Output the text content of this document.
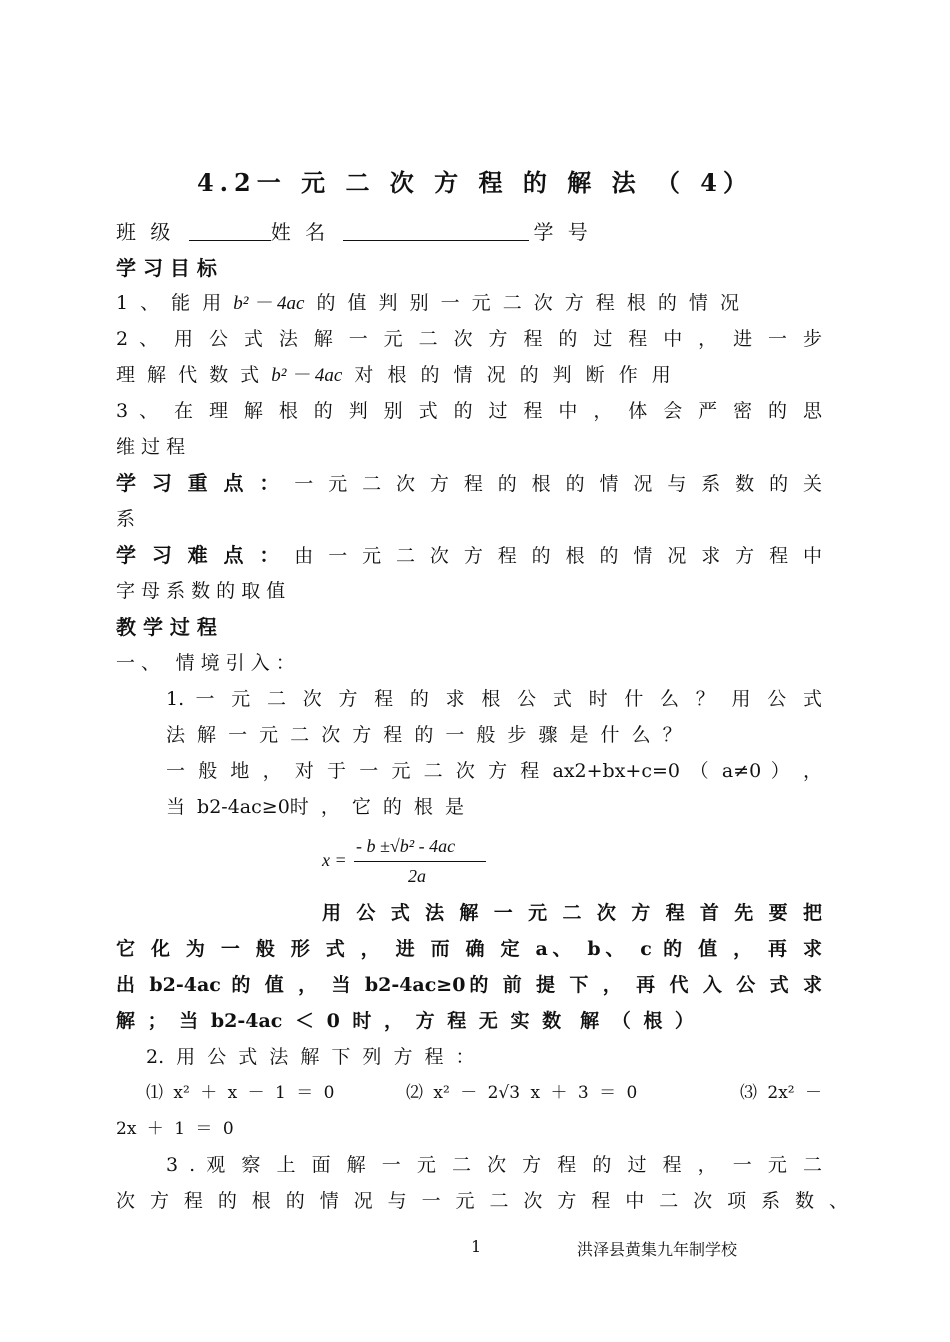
4.2一 元 二 次 方 程 的 解 法 （ 4）
班 级	姓 名	学 号
学 习 目 标
1 、 能 用 b² － 4ac 的 值 判 别 一 元 二 次 方 程 根 的 情 况
2 、 用 公 式 法 解 一 元 二 次 方 程 的 过 程 中 ， 进 一 步
理 解 代 数 式 b² － 4ac 对 根 的 情 况 的 判 断 作 用
3 、 在 理 解 根 的 判 别 式 的 过 程 中 ， 体 会 严 密 的 思
维 过 程
学 习 重 点 ： 一 元 二 次 方 程 的 根 的 情 况 与 系 数 的 关
系
学 习 难 点 ： 由 一 元 二 次 方 程 的 根 的 情 况 求 方 程 中
字 母 系 数 的 取 值
教 学 过 程
一 、　 情 境 引 入 ：
1. 一 元 二 次 方 程 的 求 根 公 式 时 什 么 ？ 用 公 式
法 解 一 元 二 次 方 程 的 一 般 步 骤 是 什 么 ？
一 般 地 ， 对 于 一 元 二 次 方 程 ax2+bx+c=0 （ a≠0 ） ，
当 b2-4ac≥0时 ， 它 的 根 是
x =
- b ±√b² - 4ac
2a
用 公 式 法 解 一 元 二 次 方 程 首 先 要 把
它 化 为 一 般 形 式 ， 进 而 确 定 a、 b、 c 的 值 ， 再 求
出 b2-4ac 的 值 ， 当 b2-4ac≥0的 前 提 下 ， 再 代 入 公 式 求
解 ； 当 b2-4ac ＜ 0 时 ， 方 程 无 实 数　解 （ 根 ）
2. 用 公 式 法 解 下 列 方 程 ：
⑴ x² ＋ x － 1 ＝ 0	⑵ x² － 2√3 x ＋ 3 ＝ 0	⑶ 2x² －
2x ＋ 1 ＝ 0
3 . 观 察 上 面 解 一 元 二 次 方 程 的 过 程 ， 一 元 二
次 方 程 的 根 的 情 况 与 一 元 二 次 方 程 中 二 次 项 系 数 、
1	洪泽县黄集九年制学校
